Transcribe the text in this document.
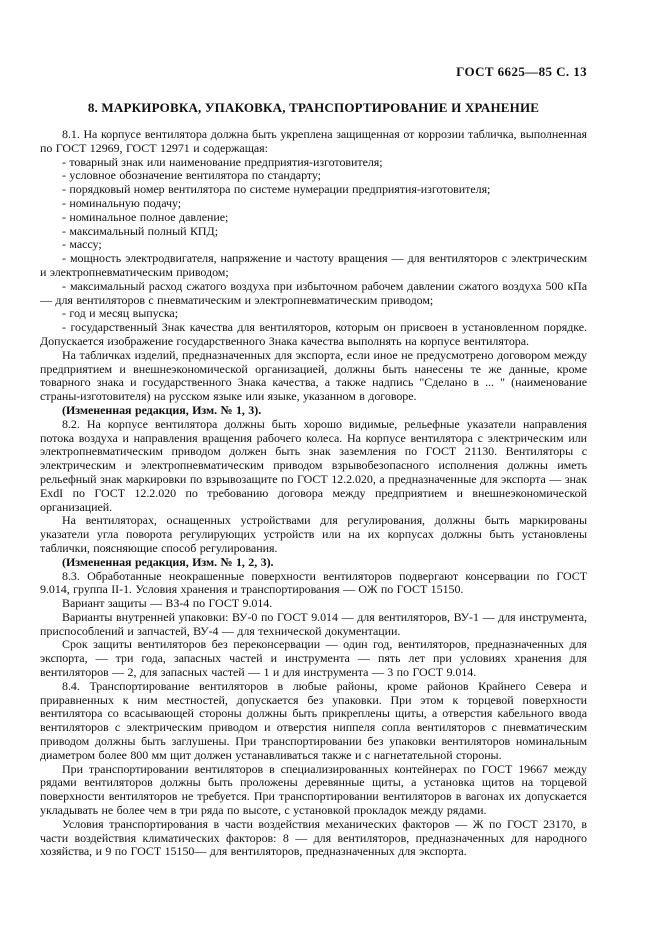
ГОСТ 6625—85 С. 13
8. МАРКИРОВКА, УПАКОВКА, ТРАНСПОРТИРОВАНИЕ И ХРАНЕНИЕ

8.1. На корпусе вентилятора должна быть укреплена защищенная от коррозии табличка, выполненная по ГОСТ 12969, ГОСТ 12971 и содержащая:

- товарный знак или наименование предприятия-изготовителя;

- условное обозначение вентилятора по стандарту;

- порядковый номер вентилятора по системе нумерации предприятия-изготовителя;

- номинальную подачу;

- номинальное полное давление;

- максимальный полный КПД;

- массу;

- мощность электродвигателя, напряжение и частоту вращения — для вентиляторов с электрическим и электропневматическим приводом;

- максимальный расход сжатого воздуха при избыточном рабочем давлении сжатого воздуха 500 кПа — для вентиляторов с пневматическим и электропневматическим приводом;

- год и месяц выпуска;

- государственный Знак качества для вентиляторов, которым он присвоен в установленном порядке. Допускается изображение государственного Знака качества выполнять на корпусе вентилятора.

На табличках изделий, предназначенных для экспорта, если иное не предусмотрено договором между предприятием и внешнеэкономической организацией, должны быть нанесены те же данные, кроме товарного знака и государственного Знака качества, а также надпись "Сделано в ... " (наименование страны-изготовителя) на русском языке или языке, указанном в договоре.

(Измененная редакция, Изм. № 1, 3).

8.2. На корпусе вентилятора должны быть хорошо видимые, рельефные указатели направления потока воздуха и направления вращения рабочего колеса. На корпусе вентилятора с электрическим или электропневматическим приводом должен быть знак заземления по ГОСТ 21130. Вентиляторы с электрическим и электропневматическим приводом взрывобезопасного исполнения должны иметь рельефный знак маркировки по взрывозащите по ГОСТ 12.2.020, а предназначенные для экспорта — знак ExdI по ГОСТ 12.2.020 по требованию договора между предприятием и внешнеэкономической организацией.

На вентиляторах, оснащенных устройствами для регулирования, должны быть маркированы указатели угла поворота регулирующих устройств или на их корпусах должны быть установлены таблички, поясняющие способ регулирования.

(Измененная редакция, Изм. № 1, 2, 3).

8.3. Обработанные неокрашенные поверхности вентиляторов подвергают консервации по ГОСТ 9.014, группа II-1. Условия хранения и транспортирования — ОЖ по ГОСТ 15150.

Вариант защиты — ВЗ-4 по ГОСТ 9.014.

Варианты внутренней упаковки: ВУ-0 по ГОСТ 9.014 — для вентиляторов, ВУ-1 — для инструмента, приспособлений и запчастей, ВУ-4 — для технической документации.

Срок защиты вентиляторов без переконсервации — один год, вентиляторов, предназначенных для экспорта, — три года, запасных частей и инструмента — пять лет при условиях хранения для вентиляторов — 2, для запасных частей — 1 и для инструмента — 3 по ГОСТ 9.014.

8.4. Транспортирование вентиляторов в любые районы, кроме районов Крайнего Севера и приравненных к ним местностей, допускается без упаковки. При этом к торцевой поверхности вентилятора со всасывающей стороны должны быть прикреплены щиты, а отверстия кабельного ввода вентиляторов с электрическим приводом и отверстия ниппеля сопла вентиляторов с пневматическим приводом должны быть заглушены. При транспортировании без упаковки вентиляторов номинальным диаметром более 800 мм щит должен устанавливаться также и с нагнетательной стороны.

При транспортировании вентиляторов в специализированных контейнерах по ГОСТ 19667 между рядами вентиляторов должны быть проложены деревянные щиты, а установка щитов на торцевой поверхности вентиляторов не требуется. При транспортировании вентиляторов в вагонах их допускается укладывать не более чем в три ряда по высоте, с установкой прокладок между рядами.

Условия транспортирования в части воздействия механических факторов — Ж по ГОСТ 23170, в части воздействия климатических факторов: 8 — для вентиляторов, предназначенных для народного хозяйства, и 9 по ГОСТ 15150— для вентиляторов, предназначенных для экспорта.
